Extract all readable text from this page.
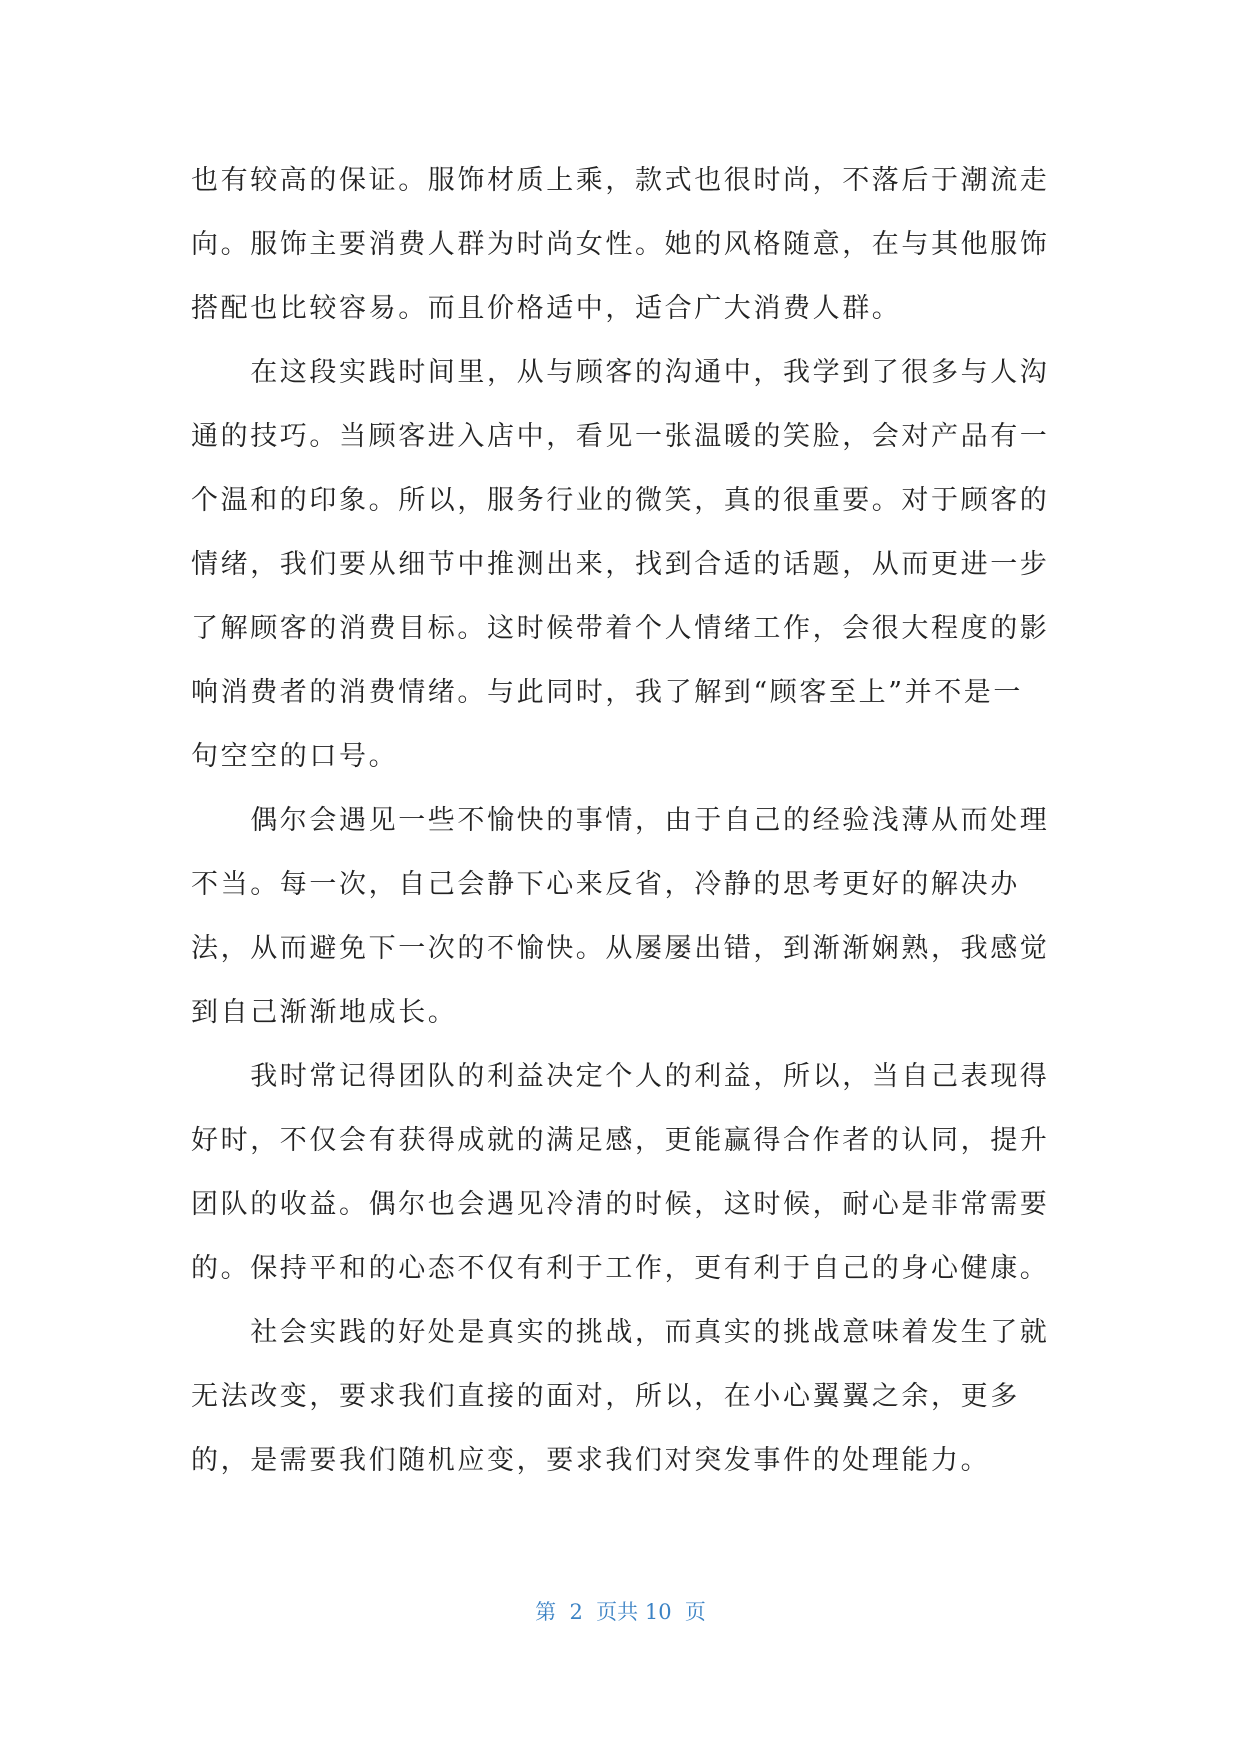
也有较高的保证。服饰材质上乘，款式也很时尚，不落后于潮流走
向。服饰主要消费人群为时尚女性。她的风格随意，在与其他服饰
搭配也比较容易。而且价格适中，适合广大消费人群。
　　在这段实践时间里，从与顾客的沟通中，我学到了很多与人沟
通的技巧。当顾客进入店中，看见一张温暖的笑脸，会对产品有一
个温和的印象。所以，服务行业的微笑，真的很重要。对于顾客的
情绪，我们要从细节中推测出来，找到合适的话题，从而更进一步
了解顾客的消费目标。这时候带着个人情绪工作，会很大程度的影
响消费者的消费情绪。与此同时，我了解到“顾客至上”并不是一
句空空的口号。
　　偶尔会遇见一些不愉快的事情，由于自己的经验浅薄从而处理
不当。每一次，自己会静下心来反省，冷静的思考更好的解决办
法，从而避免下一次的不愉快。从屡屡出错，到渐渐娴熟，我感觉
到自己渐渐地成长。
　　我时常记得团队的利益决定个人的利益，所以，当自己表现得
好时，不仅会有获得成就的满足感，更能赢得合作者的认同，提升
团队的收益。偶尔也会遇见冷清的时候，这时候，耐心是非常需要
的。保持平和的心态不仅有利于工作，更有利于自己的身心健康。
　　社会实践的好处是真实的挑战，而真实的挑战意味着发生了就
无法改变，要求我们直接的面对，所以，在小心翼翼之余，更多
的，是需要我们随机应变，要求我们对突发事件的处理能力。
第  2  页共 10  页
